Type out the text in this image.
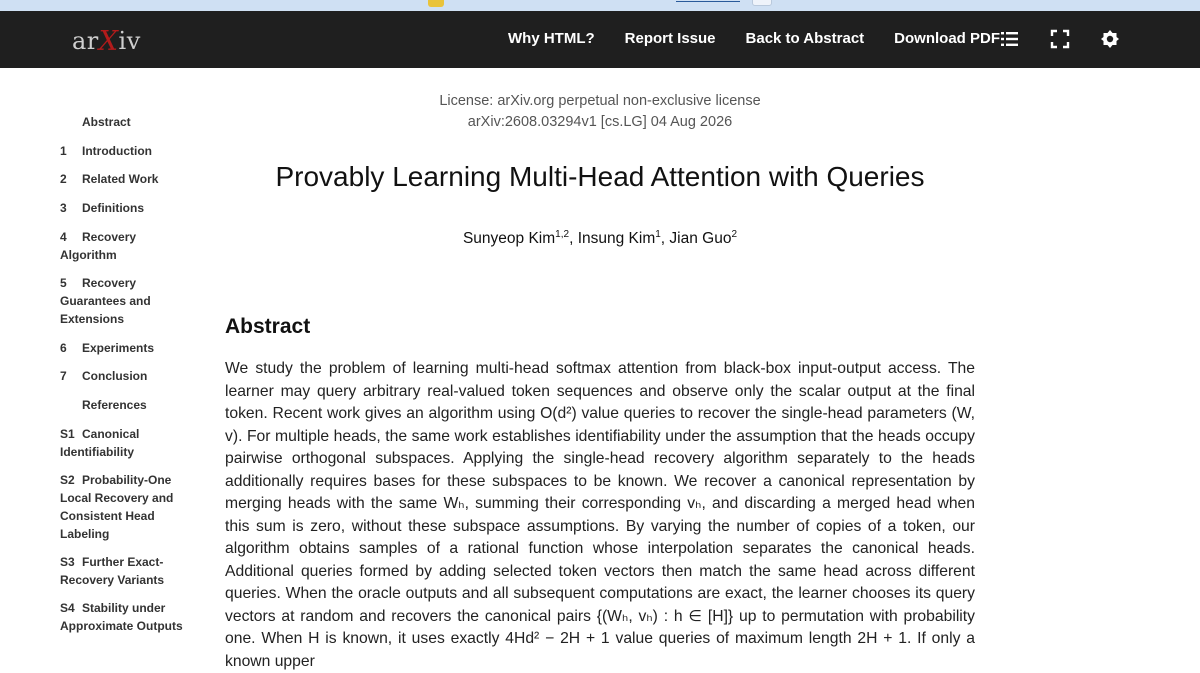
arXiv	Why HTML? Report Issue Back to Abstract Download PDF
Abstract
1 Introduction
2 Related Work
3 Definitions
4 Recovery Algorithm
5 Recovery Guarantees and Extensions
6 Experiments
7 Conclusion
References
S1 Canonical Identifiability
S2 Probability-One Local Recovery and Consistent Head Labeling
S3 Further Exact-Recovery Variants
S4 Stability under Approximate Outputs
License: arXiv.org perpetual non-exclusive license
arXiv:2608.03294v1 [cs.LG] 04 Aug 2026
Provably Learning Multi-Head Attention with Queries
Sunyeop Kim$^{1,2}$, Insung Kim$^1$, Jian Guo$^2$
Abstract

We study the problem of learning multi-head softmax attention from black-box input-output access. The learner may query arbitrary real-valued token sequences and observe only the scalar output at the final token. Recent work gives an algorithm using O(d²) value queries to recover the single-head parameters (W, v). For multiple heads, the same work establishes identifiability under the assumption that the heads occupy pairwise orthogonal subspaces. Applying the single-head recovery algorithm separately to the heads additionally requires bases for these subspaces to be known. We recover a canonical representation by merging heads with the same Wₕ, summing their corresponding vₕ, and discarding a merged head when this sum is zero, without these subspace assumptions. By varying the number of copies of a token, our algorithm obtains samples of a rational function whose interpolation separates the canonical heads. Additional queries formed by adding selected token vectors then match the same head across different queries. When the oracle outputs and all subsequent computations are exact, the learner chooses its query vectors at random and recovers the canonical pairs {(Wₕ, vₕ) : h ∈ [H]} up to permutation with probability one. When H is known, it uses exactly 4Hd² − 2H + 1 value queries of maximum length 2H + 1. If only a known upper
